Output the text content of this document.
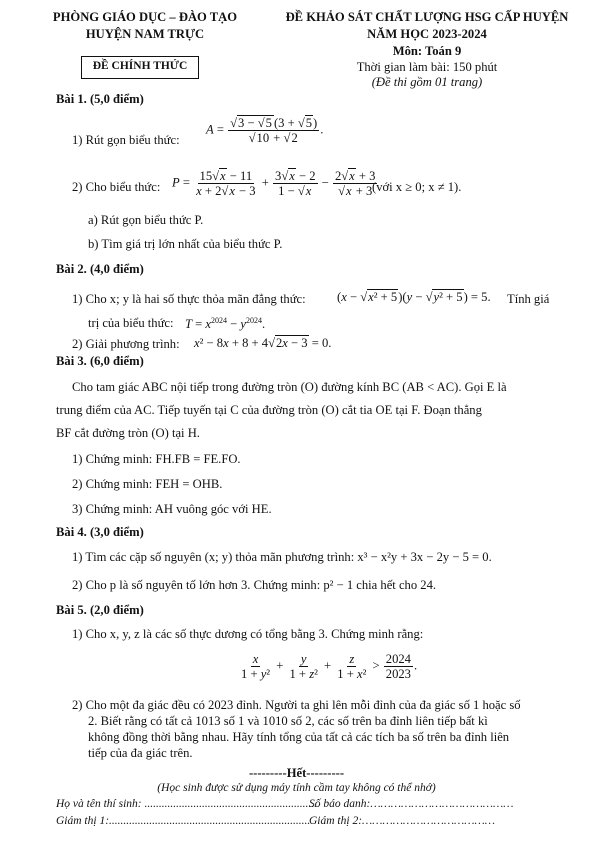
PHÒNG GIÁO DỤC – ĐÀO TẠO
HUYỆN NAM TRỰC
ĐỀ CHÍNH THỨC
ĐỀ KHẢO SÁT CHẤT LƯỢNG HSG CẤP HUYỆN
NĂM HỌC 2023-2024
Môn: Toán 9
Thời gian làm bài: 150 phút
(Đề thi gồm 01 trang)
Bài 1. (5,0 điểm)
1) Rút gọn biểu thức:
$A = \frac{√3 - √5 (3 + √5)}{√10 + √2}$ .
2) Cho biểu thức: $P = \frac{15√x - 11}{x + 2√x - 3} + \frac{3√x - 2}{1 - √x} - \frac{2√x + 3}{√x + 3}$
(với x ≥ 0; x ≠ 1).
a) Rút gọn biểu thức P.
b) Tìm giá trị lớn nhất của biểu thức P.
Bài 2. (4,0 điểm)
1) Cho x; y là hai số thực thỏa mãn đẳng thức: (x − √x² + 5)(y − √y² + 5) = 5. Tính giá
trị của biểu thức: $T = x^{2024} - y^{2024}$.
2) Giải phương trình: x² − 8x + 8 + 4√2x − 3 = 0.
Bài 3. (6,0 điểm)
Cho tam giác ABC nội tiếp trong đường tròn (O) đường kính BC (AB < AC). Gọi E là
trung điểm của AC. Tiếp tuyến tại C của đường tròn (O) cắt tia OE tại F. Đoạn thẳng
BF cắt đường tròn (O) tại H.
1) Chứng minh: FH.FB = FE.FO.
2) Chứng minh: FEH = OHB.
3) Chứng minh: AH vuông góc với HE.
Bài 4. (3,0 điểm)
1) Tìm các cặp số nguyên (x; y) thỏa mãn phương trình: x³ − x²y + 3x − 2y − 5 = 0.
2) Cho p là số nguyên tố lớn hơn 3. Chứng minh: p² − 1 chia hết cho 24.
Bài 5. (2,0 điểm)
1) Cho x, y, z là các số thực dương có tổng bằng 3. Chứng minh rằng:
$\frac{x}{\text{1 + y²}} + \frac{y}{\text{1 + z²}} + \frac{z}{\text{1 + x²}} > \frac{2024}{2023}$ .
2) Cho một đa giác đều có 2023 đỉnh. Người ta ghi lên mỗi đỉnh của đa giác số 1 hoặc số
2. Biết rằng có tất cả 1013 số 1 và 1010 số 2, các số trên ba đỉnh liên tiếp bất kì
không đồng thời bằng nhau. Hãy tính tổng của tất cả các tích ba số trên ba đỉnh liên
tiếp của đa giác trên.
---------Hết---------
(Học sinh được sử dụng máy tính cầm tay không có thể nhớ)
Họ và tên thí sinh: ............................................................
Số báo danh:……………………………………
Giám thị 1:......................................................................
Giám thị 2:…………………………………
